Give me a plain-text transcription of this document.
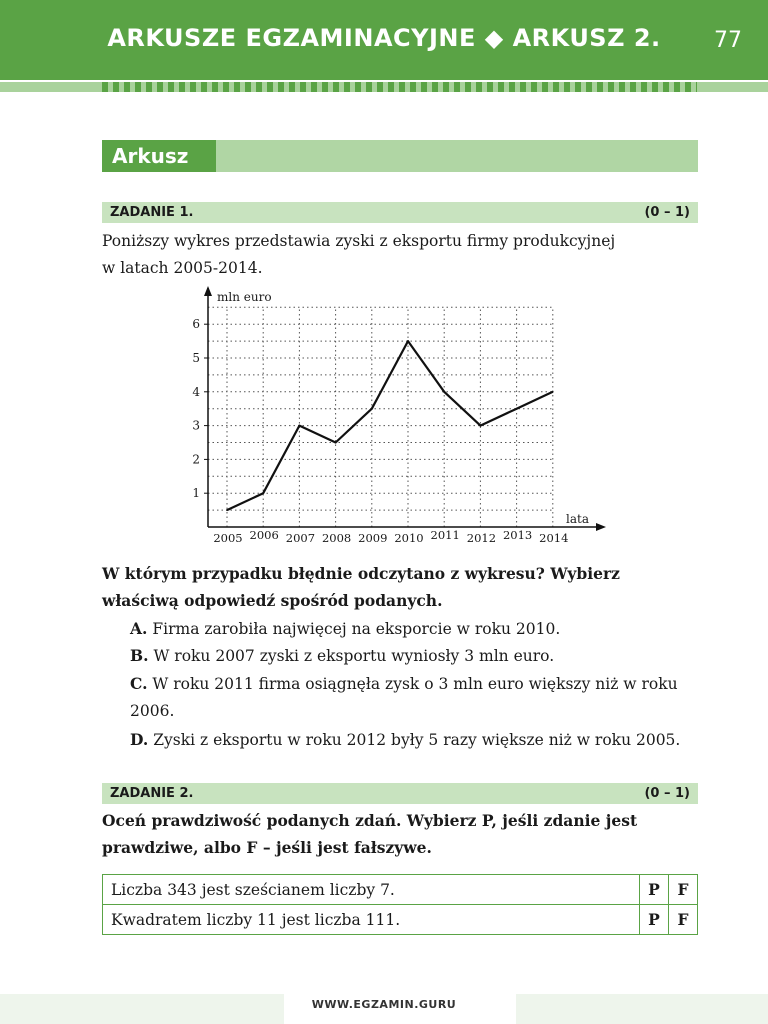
ARKUSZE EGZAMINACYJNE ◆ ARKUSZ 2.	77
Arkusz 2.
ZADANIE 1.	(0 – 1)
Poniższy wykres przedstawia zyski z eksportu firmy produkcyjnej
w latach 2005-2014.
1
2
3
4
5
6
2005 2006 2007 2008 2009 2010 2011 2012 2013 2014
mln euro
lata
W którym przypadku błędnie odczytano z wykresu? Wybierz
właściwą odpowiedź spośród podanych.
A. Firma zarobiła najwięcej na eksporcie w roku 2010.
B. W roku 2007 zyski z eksportu wyniosły 3 mln euro.
C. W roku 2011 firma osiągnęła zysk o 3 mln euro większy niż w roku
2006.
D. Zyski z eksportu w roku 2012 były 5 razy większe niż w roku 2005.
ZADANIE 2.	(0 – 1)
Oceń prawdziwość podanych zdań. Wybierz P, jeśli zdanie jest
prawdziwe, albo F – jeśli jest fałszywe.
Liczba 343 jest sześcianem liczby 7.	P	F
Kwadratem liczby 11 jest liczba 111.	P	F
WWW.EGZAMIN.GURU
